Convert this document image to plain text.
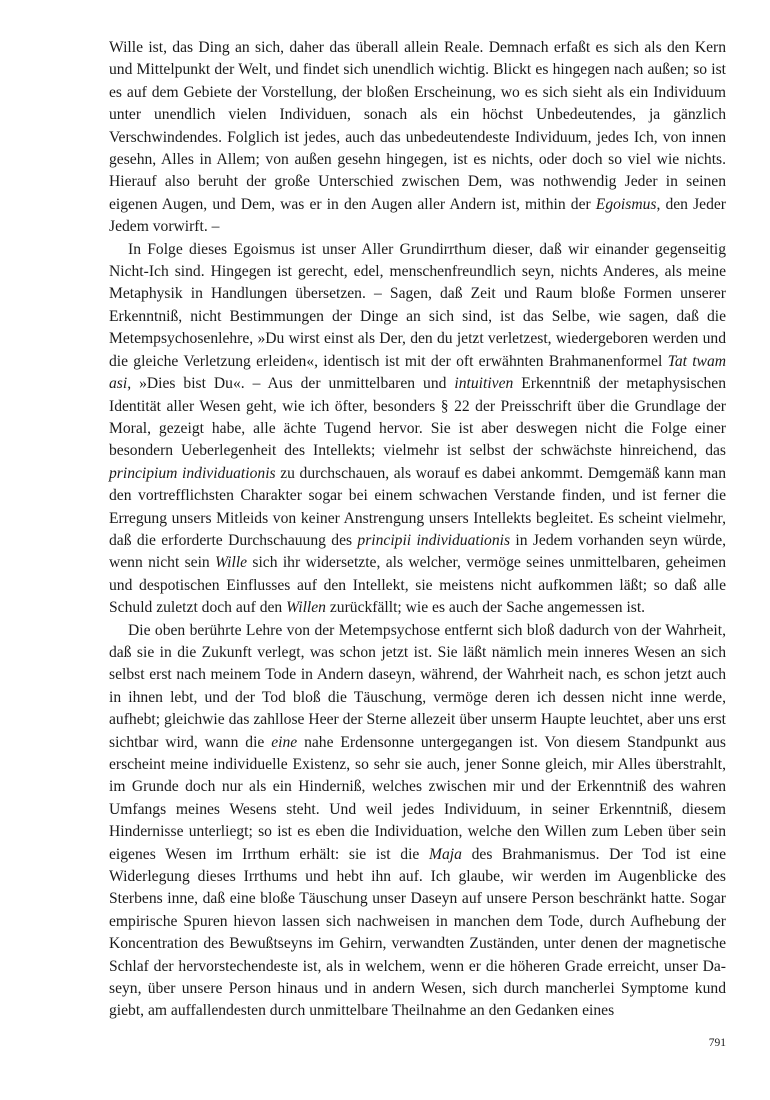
Wille ist, das Ding an sich, daher das überall allein Reale. Demnach erfaßt es sich als den Kern und Mittelpunkt der Welt, und findet sich unendlich wichtig. Blickt es hingegen nach außen; so ist es auf dem Gebiete der Vorstellung, der bloßen Erscheinung, wo es sich sieht als ein Individuum unter unendlich vielen Individuen, sonach als ein höchst Unbedeutendes, ja gänzlich Verschwindendes. Folglich ist jedes, auch das unbedeutendeste Individuum, jedes Ich, von innen gesehn, Alles in Allem; von außen gesehn hingegen, ist es nichts, oder doch so viel wie nichts. Hierauf also beruht der große Unterschied zwischen Dem, was nothwendig Jeder in seinen eigenen Augen, und Dem, was er in den Augen aller Andern ist, mithin der Egoismus, den Jeder Jedem vorwirft. –

In Folge dieses Egoismus ist unser Aller Grundirrthum dieser, daß wir einander gegenseitig Nicht-Ich sind. Hingegen ist gerecht, edel, menschenfreundlich seyn, nichts Anderes, als meine Metaphysik in Handlungen übersetzen. – Sagen, daß Zeit und Raum bloße Formen unserer Erkenntniß, nicht Bestimmungen der Dinge an sich sind, ist das Selbe, wie sagen, daß die Metempsychosenlehre, »Du wirst einst als Der, den du jetzt verletzest, wiedergeboren werden und die gleiche Verletzung erleiden«, identisch ist mit der oft erwähnten Brahmanenformel Tat twam asi, »Dies bist Du«. – Aus der unmittelbaren und intuitiven Erkenntniß der metaphysischen Identität aller Wesen geht, wie ich öfter, besonders § 22 der Preisschrift über die Grundlage der Moral, gezeigt habe, alle ächte Tugend hervor. Sie ist aber deswegen nicht die Folge einer besondern Ueberlegenheit des Intellekts; vielmehr ist selbst der schwächste hinreichend, das principium individuationis zu durchschauen, als worauf es dabei ankommt. Demgemäß kann man den vortrefflichsten Charakter sogar bei einem schwachen Verstande finden, und ist ferner die Erregung unsers Mitleids von keiner Anstrengung unsers Intellekts begleitet. Es scheint vielmehr, daß die erforderte Durchschauung des principii individuationis in Jedem vorhanden seyn würde, wenn nicht sein Wille sich ihr widersetzte, als welcher, vermöge seines unmittelbaren, geheimen und despotischen Einflusses auf den Intellekt, sie meistens nicht aufkommen läßt; so daß alle Schuld zuletzt doch auf den Willen zurückfällt; wie es auch der Sache angemessen ist.

Die oben berührte Lehre von der Metempsychose entfernt sich bloß dadurch von der Wahrheit, daß sie in die Zukunft verlegt, was schon jetzt ist. Sie läßt nämlich mein inneres Wesen an sich selbst erst nach meinem Tode in Andern daseyn, während, der Wahrheit nach, es schon jetzt auch in ihnen lebt, und der Tod bloß die Täuschung, vermöge deren ich dessen nicht inne werde, aufhebt; gleichwie das zahllose Heer der Sterne allezeit über unserm Haupte leuchtet, aber uns erst sichtbar wird, wann die eine nahe Erdensonne untergegangen ist. Von diesem Standpunkt aus erscheint meine individuelle Existenz, so sehr sie auch, jener Sonne gleich, mir Alles überstrahlt, im Grunde doch nur als ein Hinderniß, welches zwischen mir und der Erkenntniß des wahren Umfangs meines Wesens steht. Und weil jedes Individuum, in seiner Erkenntniß, diesem Hindernisse unterliegt; so ist es eben die Individuation, welche den Willen zum Leben über sein eigenes Wesen im Irrthum erhält: sie ist die Maja des Brahmanismus. Der Tod ist eine Widerlegung dieses Irrthums und hebt ihn auf. Ich glaube, wir werden im Augenblicke des Sterbens inne, daß eine bloße Täuschung unser Daseyn auf unsere Person beschränkt hatte. Sogar empirische Spuren hievon lassen sich nachweisen in manchen dem Tode, durch Aufhebung der Koncentration des Bewußtseyns im Gehirn, verwandten Zuständen, unter denen der magnetische Schlaf der hervorstechendeste ist, als in welchem, wenn er die höheren Grade erreicht, unser Daseyn, über unsere Person hinaus und in andern Wesen, sich durch mancherlei Symptome kund giebt, am auffallendesten durch unmittelbare Theilnahme an den Gedanken eines

791
